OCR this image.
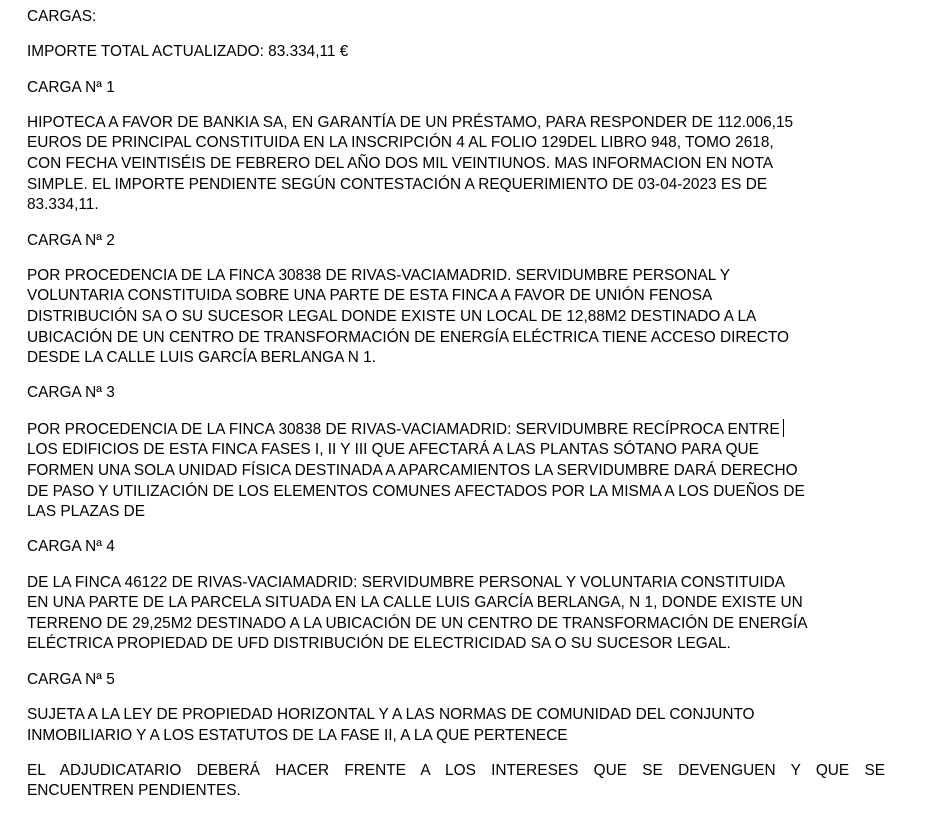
CARGAS:

IMPORTE TOTAL ACTUALIZADO: 83.334,11 €

CARGA Nª 1

HIPOTECA A FAVOR DE BANKIA SA, EN GARANTÍA DE UN PRÉSTAMO, PARA RESPONDER DE 112.006,15
EUROS DE PRINCIPAL CONSTITUIDA EN LA INSCRIPCIÓN 4 AL FOLIO 129DEL LIBRO 948, TOMO 2618,
CON FECHA VEINTISÉIS DE FEBRERO DEL AÑO DOS MIL VEINTIUNOS. MAS INFORMACION EN NOTA
SIMPLE. EL IMPORTE PENDIENTE SEGÚN CONTESTACIÓN A REQUERIMIENTO DE 03-04-2023 ES DE
83.334,11.

CARGA Nª 2

POR PROCEDENCIA DE LA FINCA 30838 DE RIVAS-VACIAMADRID. SERVIDUMBRE PERSONAL Y
VOLUNTARIA CONSTITUIDA SOBRE UNA PARTE DE ESTA FINCA A FAVOR DE UNIÓN FENOSA
DISTRIBUCIÓN SA O SU SUCESOR LEGAL DONDE EXISTE UN LOCAL DE 12,88M2 DESTINADO A LA
UBICACIÓN DE UN CENTRO DE TRANSFORMACIÓN DE ENERGÍA ELÉCTRICA TIENE ACCESO DIRECTO
DESDE LA CALLE LUIS GARCÍA BERLANGA N 1.

CARGA Nª 3

POR PROCEDENCIA DE LA FINCA 30838 DE RIVAS-VACIAMADRID: SERVIDUMBRE RECÍPROCA ENTRE
LOS EDIFICIOS DE ESTA FINCA FASES I, II Y III QUE AFECTARÁ A LAS PLANTAS SÓTANO PARA QUE
FORMEN UNA SOLA UNIDAD FÍSICA DESTINADA A APARCAMIENTOS LA SERVIDUMBRE DARÁ DERECHO
DE PASO Y UTILIZACIÓN DE LOS ELEMENTOS COMUNES AFECTADOS POR LA MISMA A LOS DUEÑOS DE
LAS PLAZAS DE

CARGA Nª 4

DE LA FINCA 46122 DE RIVAS-VACIAMADRID: SERVIDUMBRE PERSONAL Y VOLUNTARIA CONSTITUIDA
EN UNA PARTE DE LA PARCELA SITUADA EN LA CALLE LUIS GARCÍA BERLANGA, N 1, DONDE EXISTE UN
TERRENO DE 29,25M2 DESTINADO A LA UBICACIÓN DE UN CENTRO DE TRANSFORMACIÓN DE ENERGÍA
ELÉCTRICA PROPIEDAD DE UFD DISTRIBUCIÓN DE ELECTRICIDAD SA O SU SUCESOR LEGAL.

CARGA Nª 5

SUJETA A LA LEY DE PROPIEDAD HORIZONTAL Y A LAS NORMAS DE COMUNIDAD DEL CONJUNTO
INMOBILIARIO Y A LOS ESTATUTOS DE LA FASE II, A LA QUE PERTENECE

EL ADJUDICATARIO DEBERÁ HACER FRENTE A LOS INTERESES QUE SE DEVENGUEN Y QUE SE
ENCUENTREN PENDIENTES.
